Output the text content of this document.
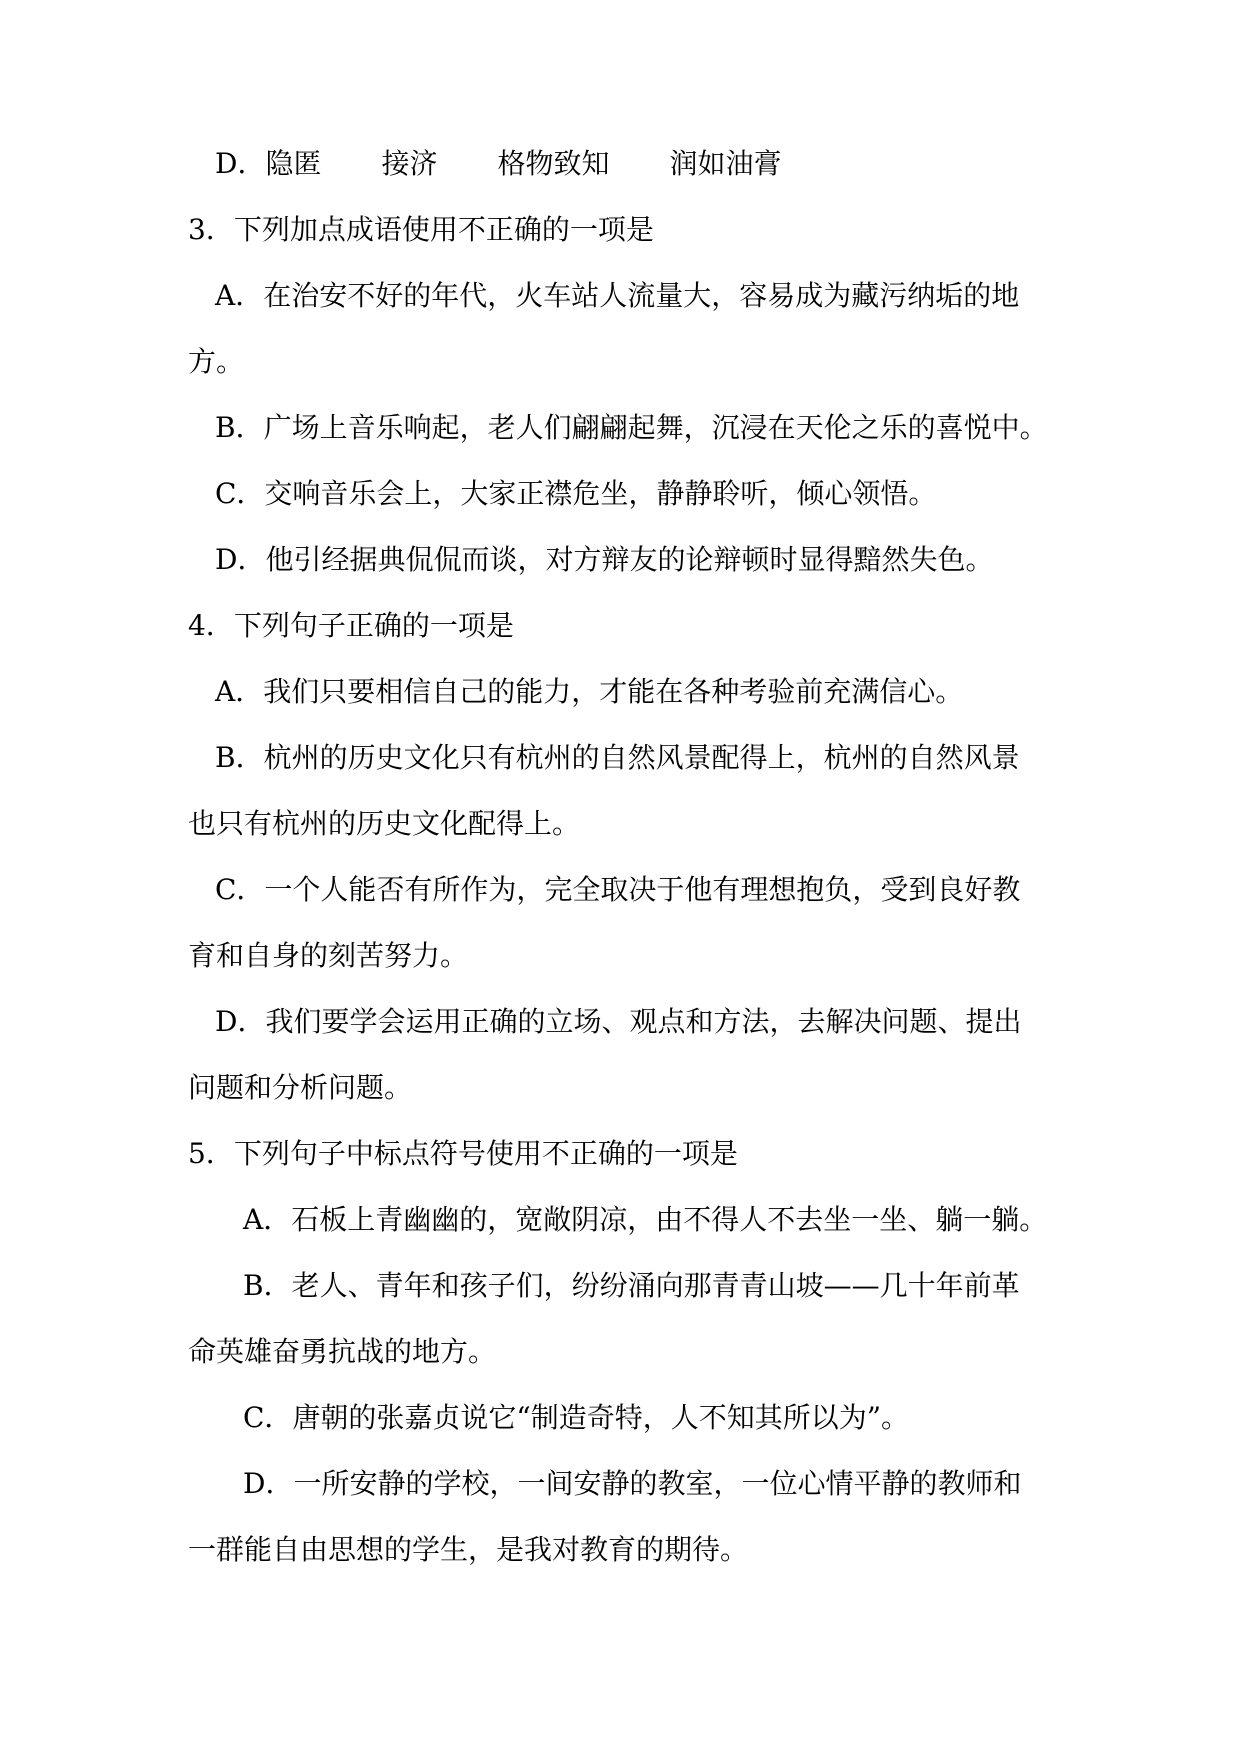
D．隐匿 接济 格物致知 润如油膏
3．下列加点成语使用不正确的一项是
A．在治安不好的年代，火车站人流量大，容易成为藏污纳垢的地
方。
B．广场上音乐响起，老人们翩翩起舞，沉浸在天伦之乐的喜悦中。
C．交响音乐会上，大家正襟危坐，静静聆听，倾心领悟。
D．他引经据典侃侃而谈，对方辩友的论辩顿时显得黯然失色。
4．下列句子正确的一项是
A．我们只要相信自己的能力，才能在各种考验前充满信心。
B．杭州的历史文化只有杭州的自然风景配得上，杭州的自然风景
也只有杭州的历史文化配得上。
C．一个人能否有所作为，完全取决于他有理想抱负，受到良好教
育和自身的刻苦努力。
D．我们要学会运用正确的立场、观点和方法，去解决问题、提出
问题和分析问题。
5．下列句子中标点符号使用不正确的一项是
A．石板上青幽幽的，宽敞阴凉，由不得人不去坐一坐、躺一躺。
B．老人、青年和孩子们，纷纷涌向那青青山坡——几十年前革
命英雄奋勇抗战的地方。
C．唐朝的张嘉贞说它“制造奇特，人不知其所以为”。
D．一所安静的学校，一间安静的教室，一位心情平静的教师和
一群能自由思想的学生，是我对教育的期待。
